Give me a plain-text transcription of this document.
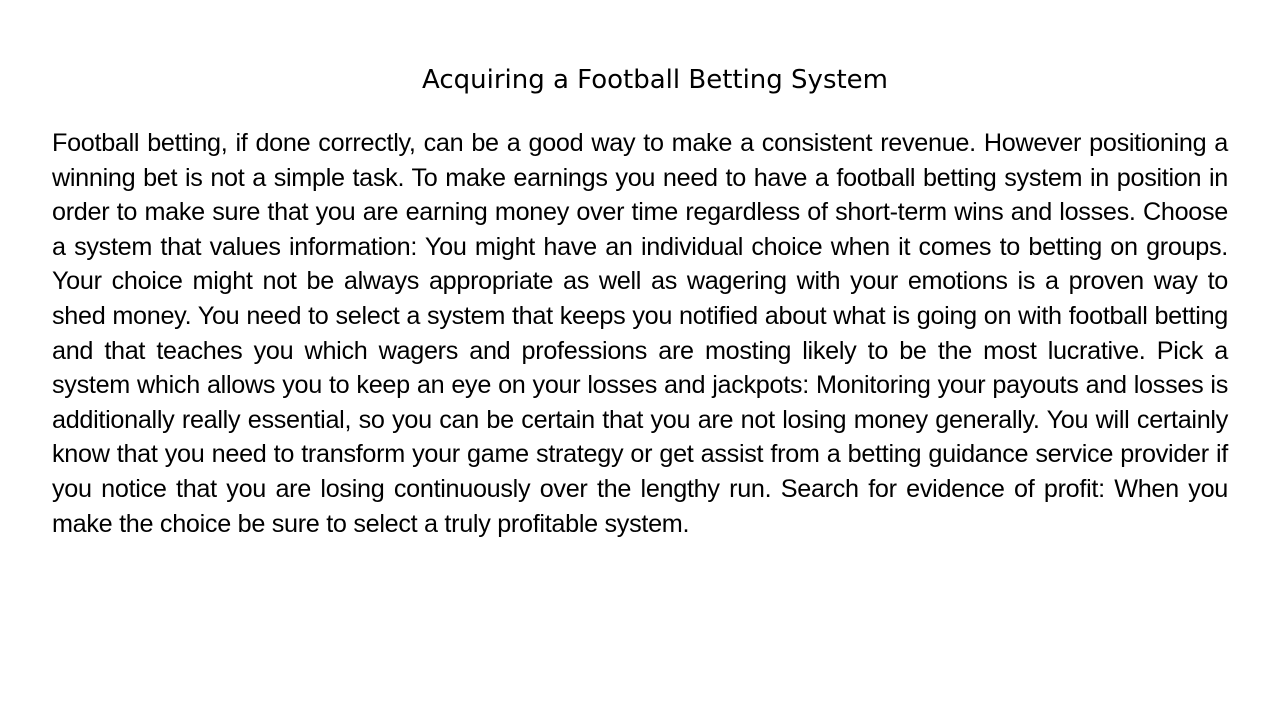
Acquiring a Football Betting System

Football betting, if done correctly, can be a good way to make a consistent revenue. However positioning a winning bet is not a simple task. To make earnings you need to have a football betting system in position in order to make sure that you are earning money over time regardless of short-term wins and losses. Choose a system that values information: You might have an individual choice when it comes to betting on groups. Your choice might not be always appropriate as well as wagering with your emotions is a proven way to shed money. You need to select a system that keeps you notified about what is going on with football betting and that teaches you which wagers and professions are mosting likely to be the most lucrative. Pick a system which allows you to keep an eye on your losses and jackpots: Monitoring your payouts and losses is additionally really essential, so you can be certain that you are not losing money generally. You will certainly know that you need to transform your game strategy or get assist from a betting guidance service provider if you notice that you are losing continuously over the lengthy run. Search for evidence of profit: When you make the choice be sure to select a truly profitable system.
